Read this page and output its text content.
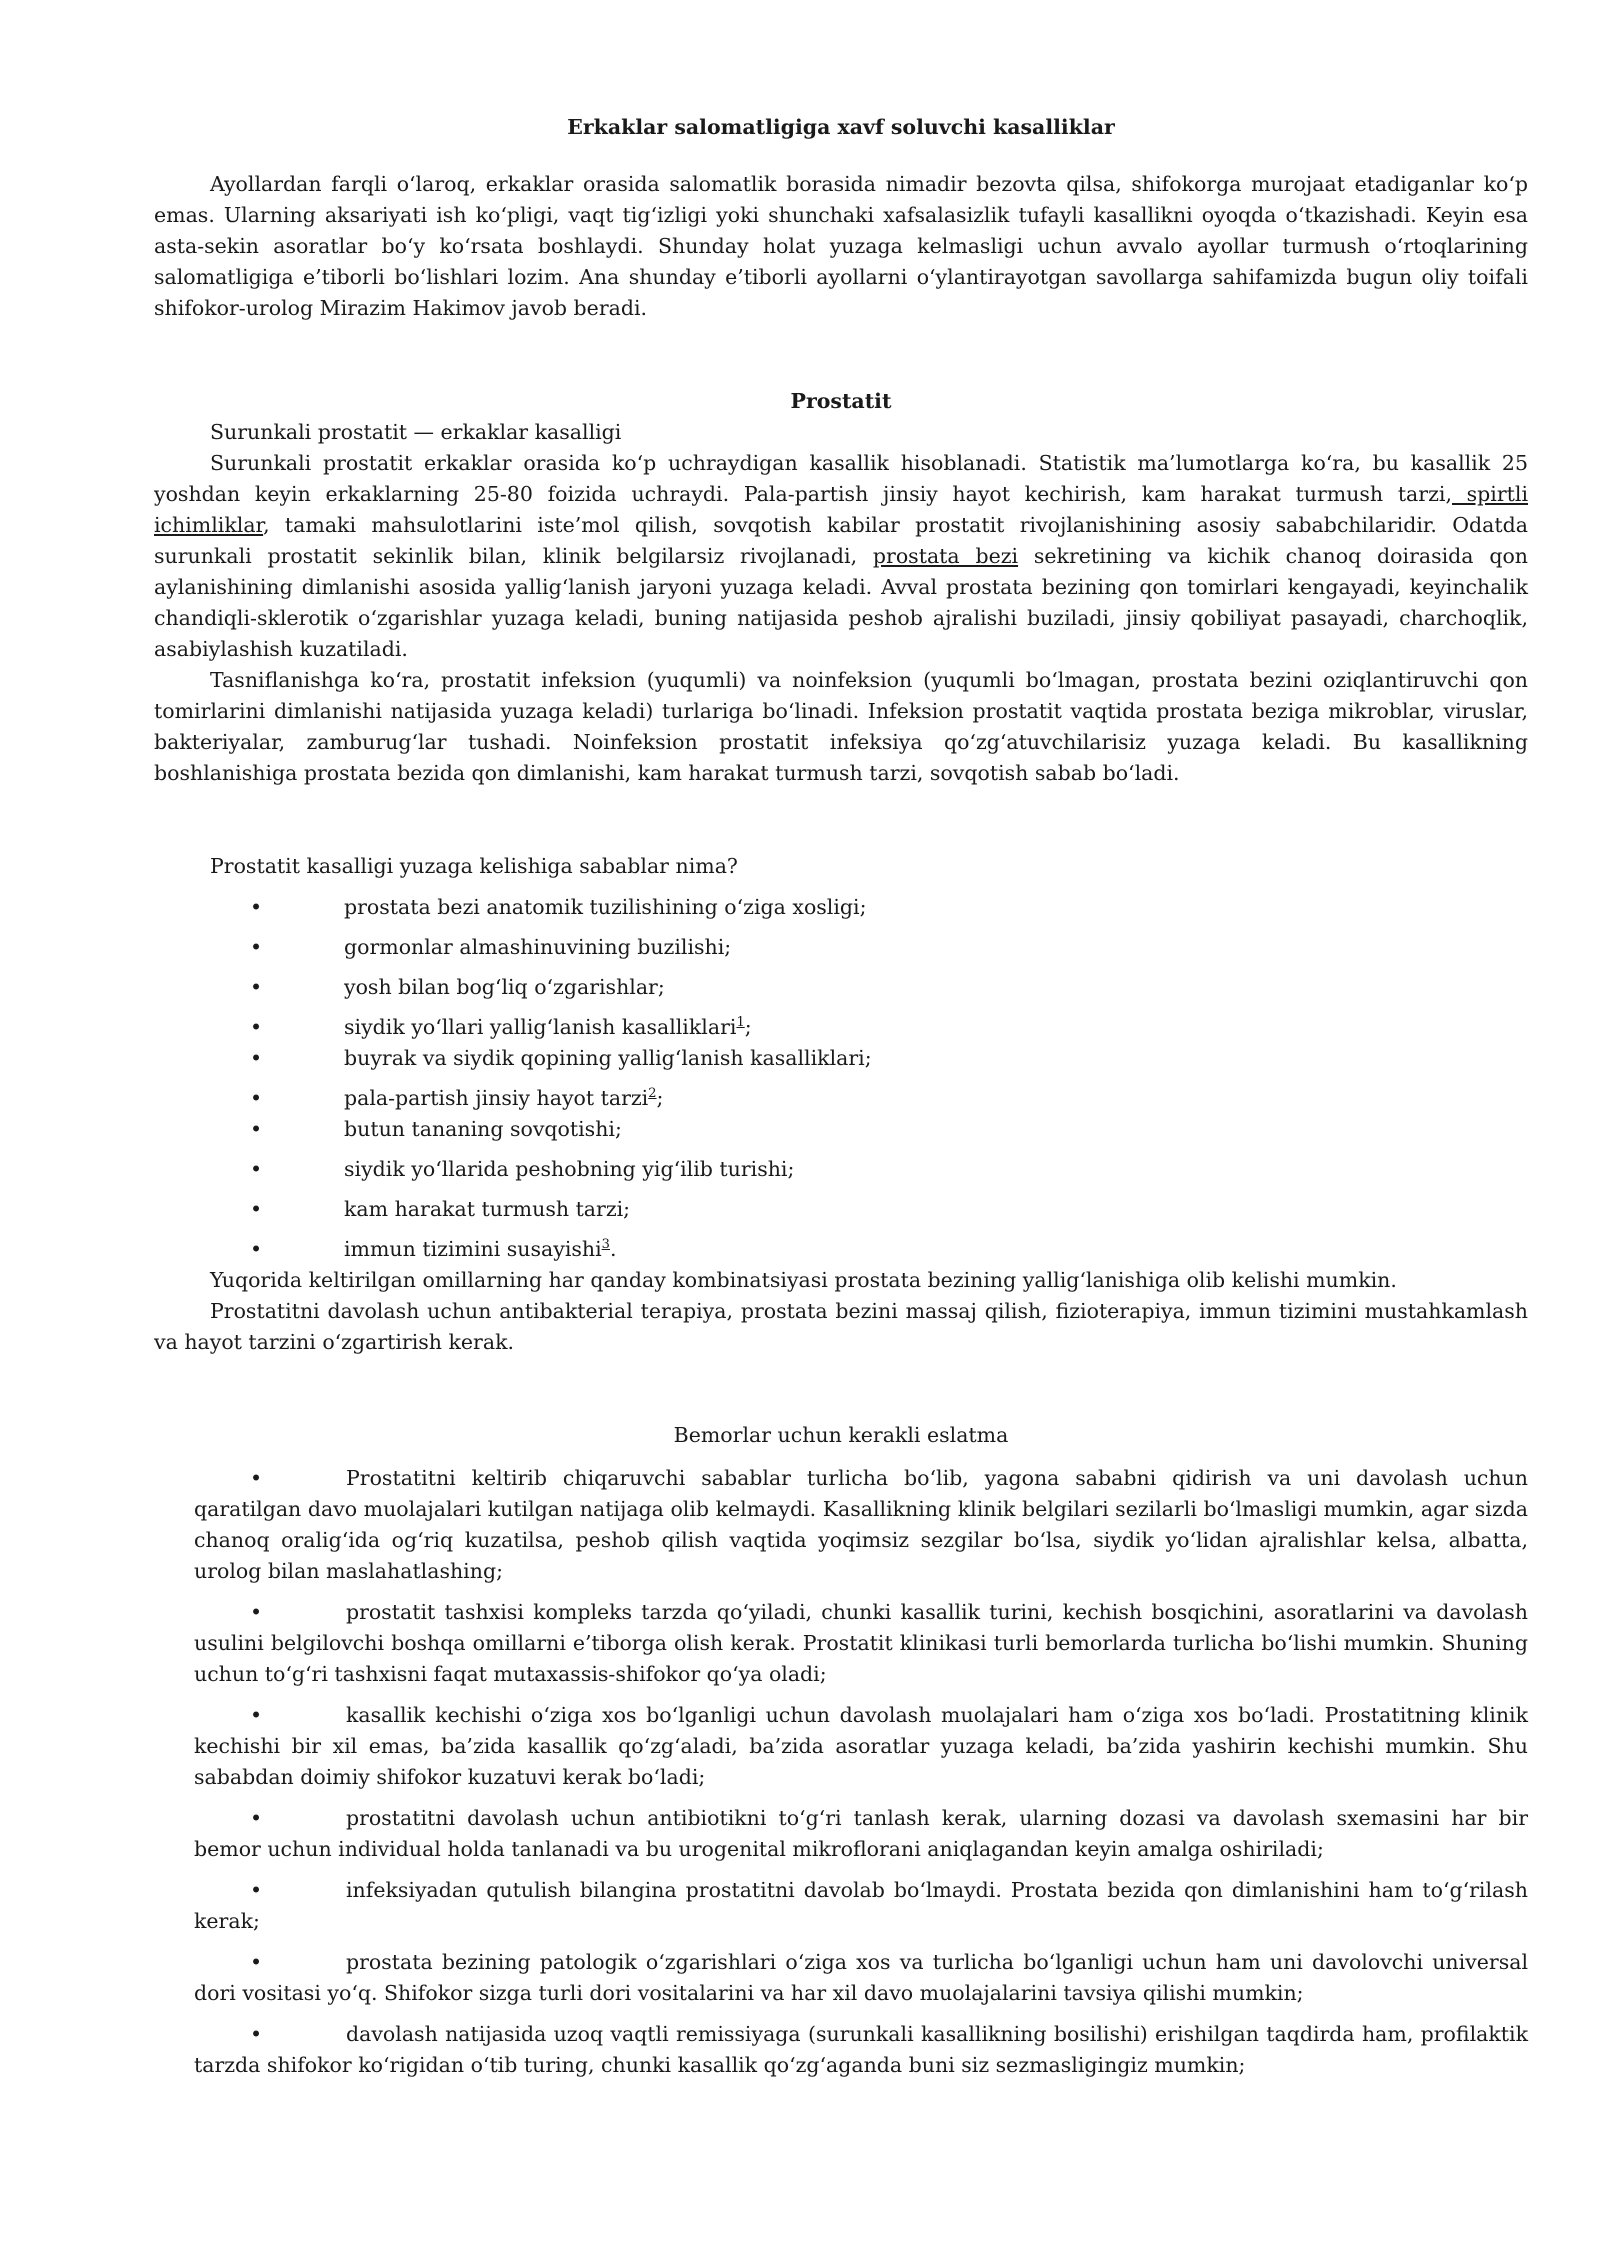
Erkaklar salomatligiga xavf soluvchi kasalliklar

Ayollardan farqli o‘laroq, erkaklar orasida salomatlik borasida nimadir bezovta qilsa, shifokorga murojaat etadiganlar ko‘p emas. Ularning aksariyati ish ko‘pligi, vaqt tig‘izligi yoki shunchaki xafsalasizlik tufayli kasallikni oyoqda o‘tkazishadi. Keyin esa asta-sekin asoratlar bo‘y ko‘rsata boshlaydi. Shunday holat yuzaga kelmasligi uchun avvalo ayollar turmush o‘rtoqlarining salomatligiga e’tiborli bo‘lishlari lozim. Ana shunday e’tiborli ayollarni o‘ylantirayotgan savollarga sahifamizda bugun oliy toifali shifokor-urolog Mirazim Hakimov javob beradi.

Prostatit

Surunkali prostatit — erkaklar kasalligi

Surunkali prostatit erkaklar orasida ko‘p uchraydigan kasallik hisoblanadi. Statistik ma’lumotlarga ko‘ra, bu kasallik 25 yoshdan keyin erkaklarning 25-80 foizida uchraydi. Pala-partish jinsiy hayot kechirish, kam harakat turmush tarzi, spirtli ichimliklar, tamaki mahsulotlarini iste’mol qilish, sovqotish kabilar prostatit rivojlanishining asosiy sababchilaridir. Odatda surunkali prostatit sekinlik bilan, klinik belgilarsiz rivojlanadi, prostata bezi sekretining va kichik chanoq doirasida qon aylanishining dimlanishi asosida yallig‘lanish jaryoni yuzaga keladi. Avval prostata bezining qon tomirlari kengayadi, keyinchalik chandiqli-sklerotik o‘zgarishlar yuzaga keladi, buning natijasida peshob ajralishi buziladi, jinsiy qobiliyat pasayadi, charchoqlik, asabiylashish kuzatiladi.

Tasniflanishga ko‘ra, prostatit infeksion (yuqumli) va noinfeksion (yuqumli bo‘lmagan, prostata bezini oziqlantiruvchi qon tomirlarini dimlanishi natijasida yuzaga keladi) turlariga bo‘linadi. Infeksion prostatit vaqtida prostata beziga mikroblar, viruslar, bakteriyalar, zamburug‘lar tushadi. Noinfeksion prostatit infeksiya qo‘zg‘atuvchilarisiz yuzaga keladi. Bu kasallikning boshlanishiga prostata bezida qon dimlanishi, kam harakat turmush tarzi, sovqotish sabab bo‘ladi.

Prostatit kasalligi yuzaga kelishiga sabablar nima?

•	prostata bezi anatomik tuzilishining o‘ziga xosligi;
•	gormonlar almashinuvining buzilishi;
•	yosh bilan bog‘liq o‘zgarishlar;
•	siydik yo‘llari yallig‘lanish kasalliklari$^1$;
•	buyrak va siydik qopining yallig‘lanish kasalliklari;
•	pala-partish jinsiy hayot tarzi$^2$;
•	butun tananing sovqotishi;
•	siydik yo‘llarida peshobning yig‘ilib turishi;
•	kam harakat turmush tarzi;
•	immun tizimini susayishi$^3$.

Yuqorida keltirilgan omillarning har qanday kombinatsiyasi prostata bezining yallig‘lanishiga olib kelishi mumkin.

Prostatitni davolash uchun antibakterial terapiya, prostata bezini massaj qilish, fizioterapiya, immun tizimini mustahkamlash va hayot tarzini o‘zgartirish kerak.

Bemorlar uchun kerakli eslatma

•	Prostatitni keltirib chiqaruvchi sabablar turlicha bo‘lib, yagona sababni qidirish va uni davolash uchun qaratilgan davo muolajalari kutilgan natijaga olib kelmaydi. Kasallikning klinik belgilari sezilarli bo‘lmasligi mumkin, agar sizda chanoq oralig‘ida og‘riq kuzatilsa, peshob qilish vaqtida yoqimsiz sezgilar bo‘lsa, siydik yo‘lidan ajralishlar kelsa, albatta, urolog bilan maslahatlashing;

•	prostatit tashxisi kompleks tarzda qo‘yiladi, chunki kasallik turini, kechish bosqichini, asoratlarini va davolash usulini belgilovchi boshqa omillarni e’tiborga olish kerak. Prostatit klinikasi turli bemorlarda turlicha bo‘lishi mumkin. Shuning uchun to‘g‘ri tashxisni faqat mutaxassis-shifokor qo‘ya oladi;

•	kasallik kechishi o‘ziga xos bo‘lganligi uchun davolash muolajalari ham o‘ziga xos bo‘ladi. Prostatitning klinik kechishi bir xil emas, ba’zida kasallik qo‘zg‘aladi, ba’zida asoratlar yuzaga keladi, ba’zida yashirin kechishi mumkin. Shu sababdan doimiy shifokor kuzatuvi kerak bo‘ladi;

•	prostatitni davolash uchun antibiotikni to‘g‘ri tanlash kerak, ularning dozasi va davolash sxemasini har bir bemor uchun individual holda tanlanadi va bu urogenital mikroflorani aniqlagandan keyin amalga oshiriladi;

•	infeksiyadan qutulish bilangina prostatitni davolab bo‘lmaydi. Prostata bezida qon dimlanishini ham to‘g‘rilash kerak;

•	prostata bezining patologik o‘zgarishlari o‘ziga xos va turlicha bo‘lganligi uchun ham uni davolovchi universal dori vositasi yo‘q. Shifokor sizga turli dori vositalarini va har xil davo muolajalarini tavsiya qilishi mumkin;

•	davolash natijasida uzoq vaqtli remissiyaga (surunkali kasallikning bosilishi) erishilgan taqdirda ham, profilaktik tarzda shifokor ko‘rigidan o‘tib turing, chunki kasallik qo‘zg‘aganda buni siz sezmasligingiz mumkin;
